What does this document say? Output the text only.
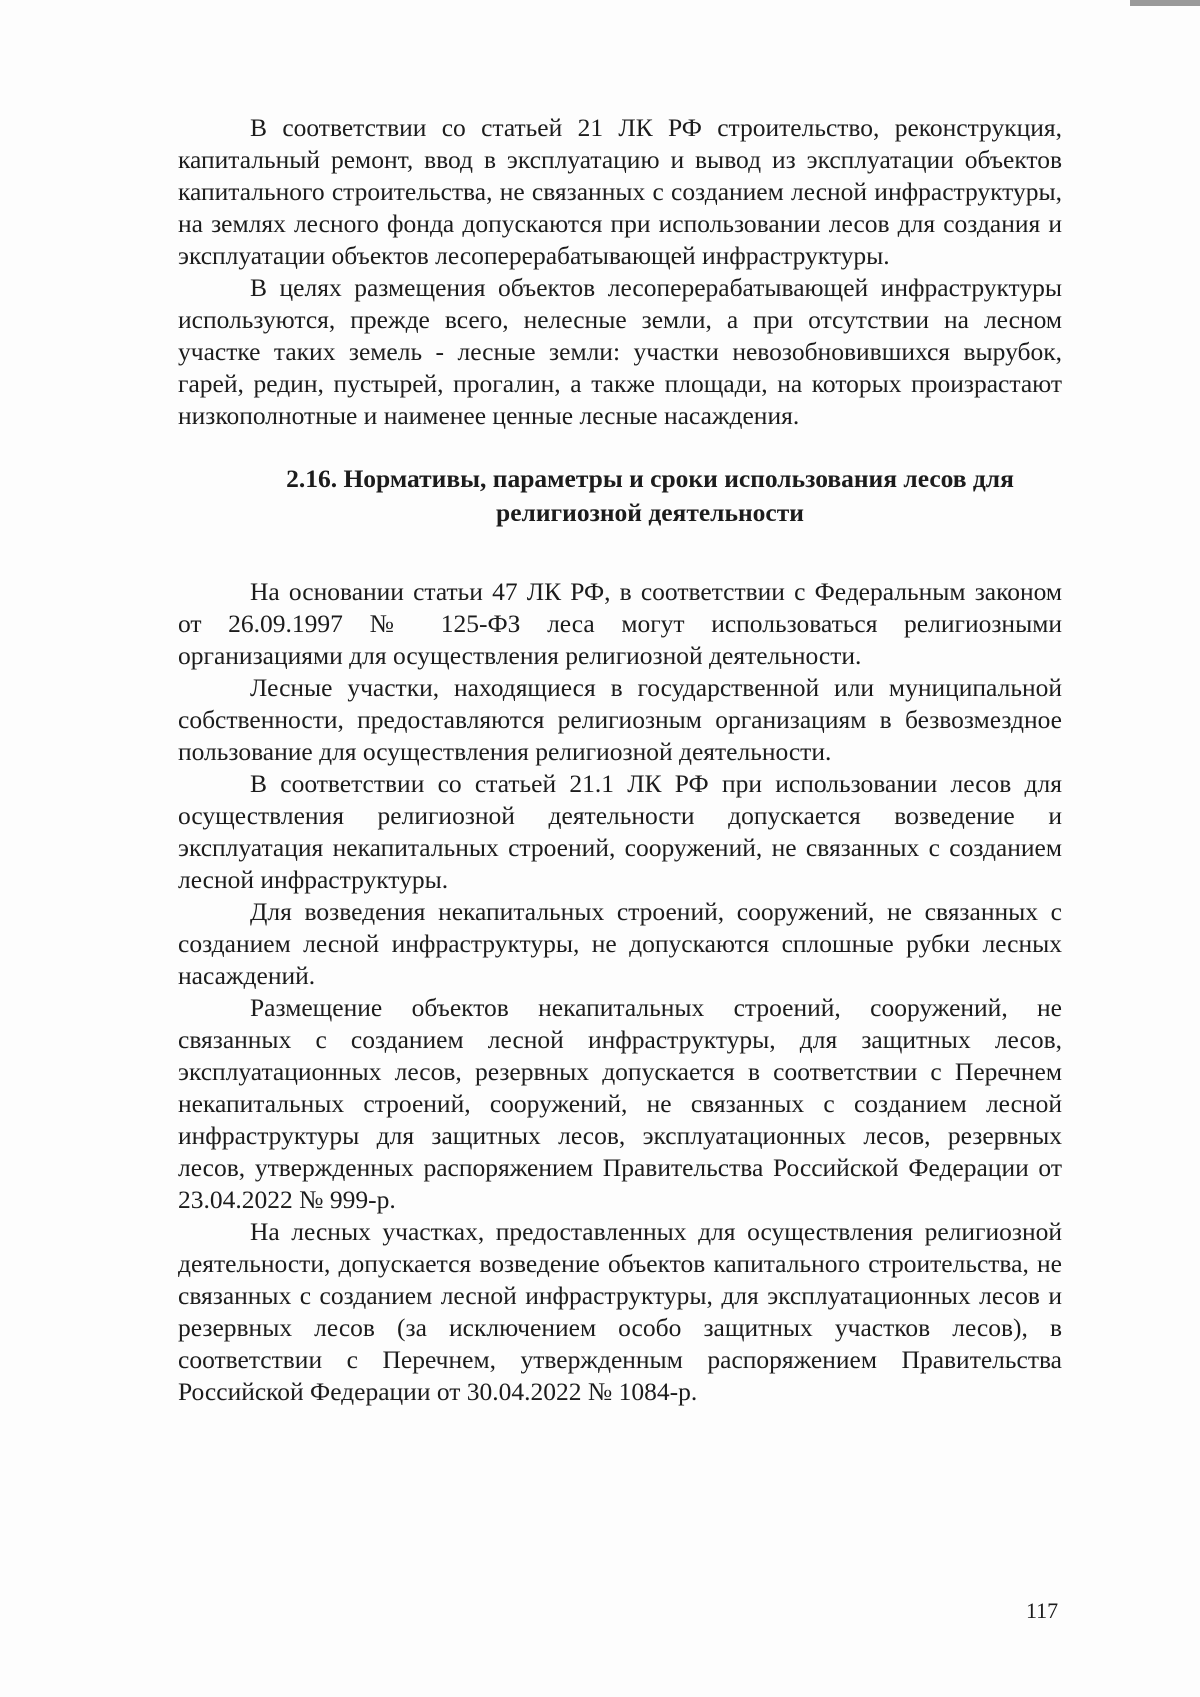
В соответствии со статьей 21 ЛК РФ строительство, реконструкция, капитальный ремонт, ввод в эксплуатацию и вывод из эксплуатации объектов капитального строительства, не связанных с созданием лесной инфраструктуры, на землях лесного фонда допускаются при использовании лесов для создания и эксплуатации объектов лесоперерабатывающей инфраструктуры.

В целях размещения объектов лесоперерабатывающей инфраструктуры используются, прежде всего, нелесные земли, а при отсутствии на лесном участке таких земель - лесные земли: участки невозобновившихся вырубок, гарей, редин, пустырей, прогалин, а также площади, на которых произрастают низкополнотные и наименее ценные лесные насаждения.

2.16. Нормативы, параметры и сроки использования лесов для
религиозной деятельности

На основании статьи 47 ЛК РФ, в соответствии с Федеральным законом от 26.09.1997 № 125-ФЗ леса могут использоваться религиозными организациями для осуществления религиозной деятельности.

Лесные участки, находящиеся в государственной или муниципальной собственности, предоставляются религиозным организациям в безвозмездное пользование для осуществления религиозной деятельности.

В соответствии со статьей 21.1 ЛК РФ при использовании лесов для осуществления религиозной деятельности допускается возведение и эксплуатация некапитальных строений, сооружений, не связанных с созданием лесной инфраструктуры.

Для возведения некапитальных строений, сооружений, не связанных с созданием лесной инфраструктуры, не допускаются сплошные рубки лесных насаждений.

Размещение объектов некапитальных строений, сооружений, не связанных с созданием лесной инфраструктуры, для защитных лесов, эксплуатационных лесов, резервных допускается в соответствии с Перечнем некапитальных строений, сооружений, не связанных с созданием лесной инфраструктуры для защитных лесов, эксплуатационных лесов, резервных лесов, утвержденных распоряжением Правительства Российской Федерации от 23.04.2022 № 999-р.

На лесных участках, предоставленных для осуществления религиозной деятельности, допускается возведение объектов капитального строительства, не связанных с созданием лесной инфраструктуры, для эксплуатационных лесов и резервных лесов (за исключением особо защитных участков лесов), в соответствии с Перечнем, утвержденным распоряжением Правительства Российской Федерации от 30.04.2022 № 1084-р.

117
